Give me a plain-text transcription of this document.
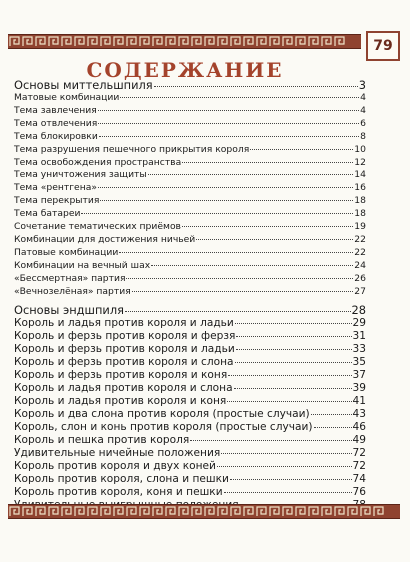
79
СОДЕРЖАНИЕ
Основы миттельшпиля	3
Матовые комбинации	4
Тема завлечения	4
Тема отвлечения	6
Тема блокировки	8
Тема разрушения пешечного прикрытия короля	10
Тема освобождения пространства	12
Тема уничтожения защиты	14
Тема «рентгена»	16
Тема перекрытия	18
Тема батареи	18
Сочетание тематических приёмов	19
Комбинации для достижения ничьей	22
Патовые комбинации	22
Комбинации на вечный шах	24
«Бессмертная» партия	26
«Вечнозелёная» партия	27
Основы эндшпиля	28
Король и ладья против короля и ладьи	29
Король и ферзь против короля и ферзя	31
Король и ферзь против короля и ладьи	33
Король и ферзь против короля и слона	35
Король и ферзь против короля и коня	37
Король и ладья против короля и слона	39
Король и ладья против короля и коня	41
Король и два слона против короля (простые случаи)	43
Король, слон и конь против короля (простые случаи)	46
Король и пешка против короля	49
Удивительные ничейные положения	72
Король против короля и двух коней	72
Король против короля, слона и пешки	74
Король против короля, коня и пешки	76
